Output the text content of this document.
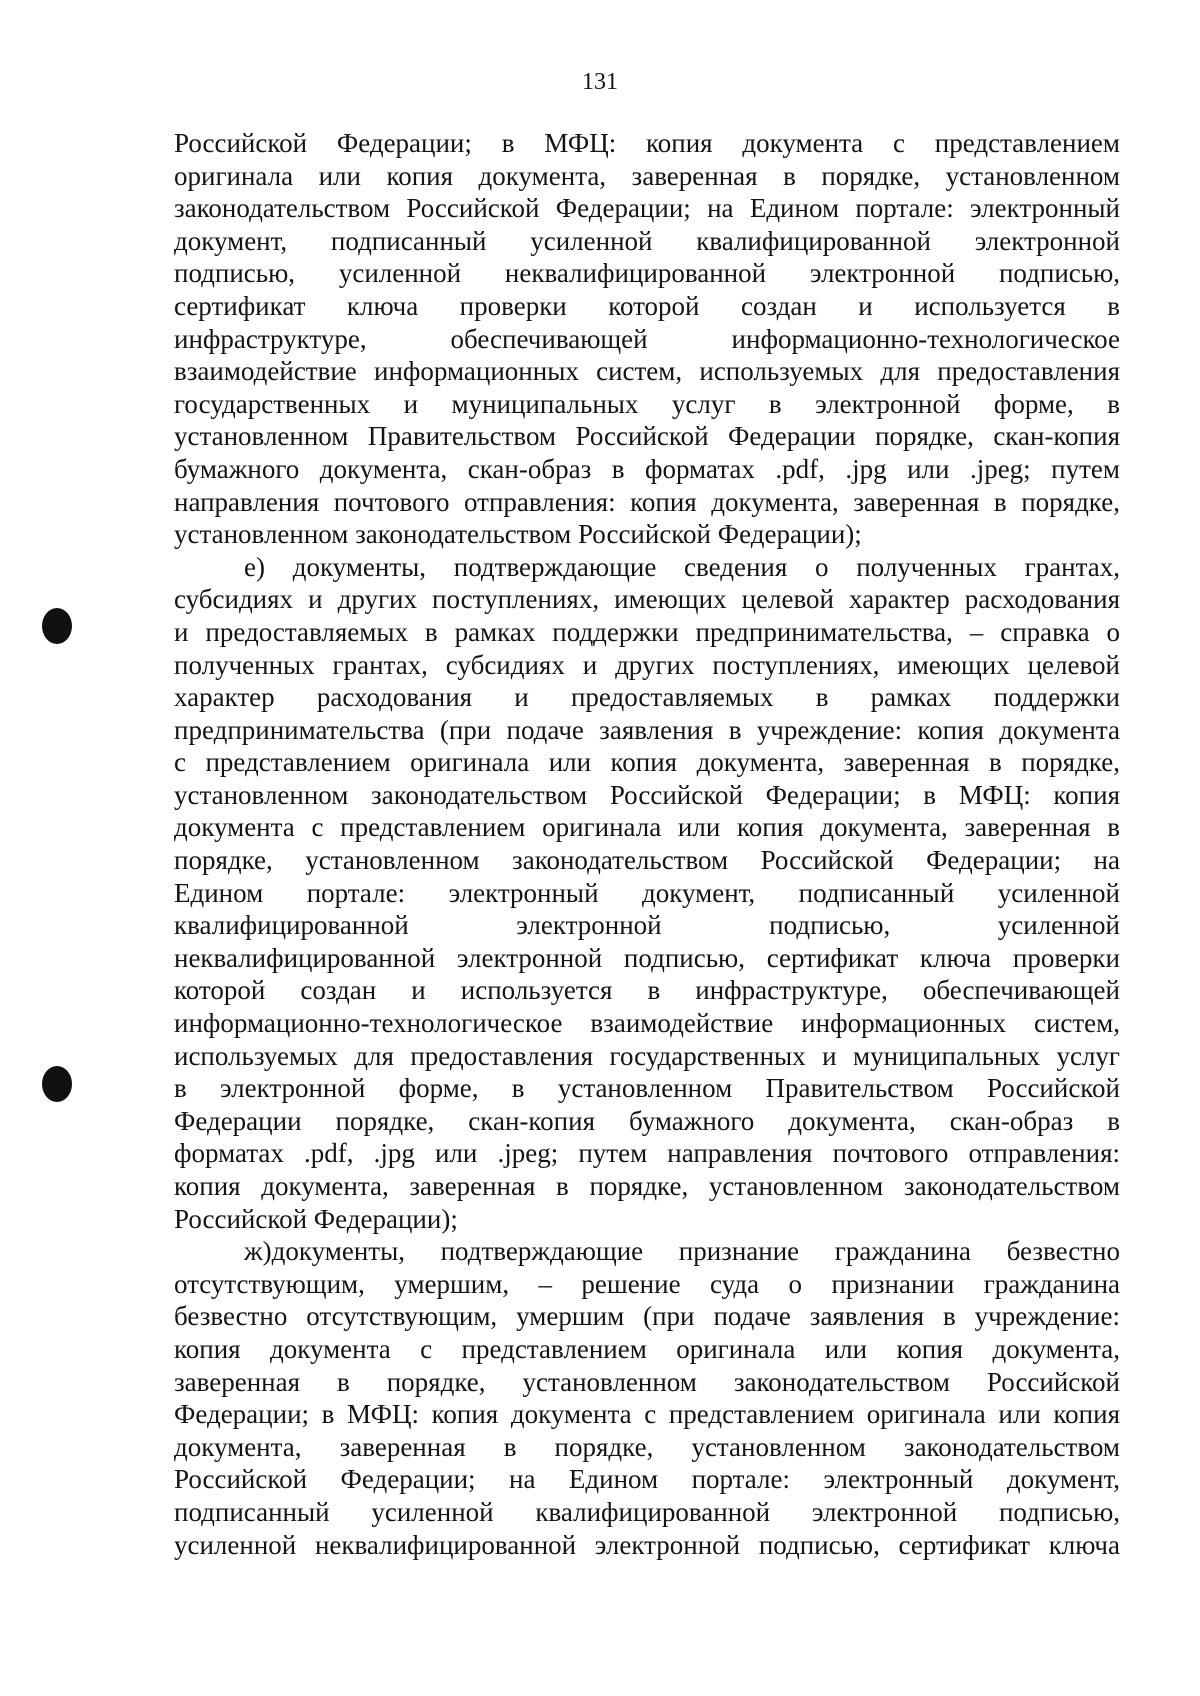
131

Российской Федерации; в МФЦ: копия документа с представлением

оригинала или копия документа, заверенная в порядке, установленном

законодательством Российской Федерации; на Едином портале: электронный

документ, подписанный усиленной квалифицированной электронной

подписью, усиленной неквалифицированной электронной подписью,

сертификат ключа проверки которой создан и используется в

инфраструктуре, обеспечивающей информационно-технологическое

взаимодействие информационных систем, используемых для предоставления

государственных и муниципальных услуг в электронной форме, в

установленном Правительством Российской Федерации порядке, скан-копия

бумажного документа, скан-образ в форматах .pdf, .jpg или .jpeg; путем

направления почтового отправления: копия документа, заверенная в порядке,

установленном законодательством Российской Федерации);

е) документы, подтверждающие сведения о полученных грантах,

субсидиях и других поступлениях, имеющих целевой характер расходования

и предоставляемых в рамках поддержки предпринимательства, – справка о

полученных грантах, субсидиях и других поступлениях, имеющих целевой

характер расходования и предоставляемых в рамках поддержки

предпринимательства (при подаче заявления в учреждение: копия документа

с представлением оригинала или копия документа, заверенная в порядке,

установленном законодательством Российской Федерации; в МФЦ: копия

документа с представлением оригинала или копия документа, заверенная в

порядке, установленном законодательством Российской Федерации; на

Едином портале: электронный документ, подписанный усиленной

квалифицированной электронной подписью, усиленной

неквалифицированной электронной подписью, сертификат ключа проверки

которой создан и используется в инфраструктуре, обеспечивающей

информационно-технологическое взаимодействие информационных систем,

используемых для предоставления государственных и муниципальных услуг

в электронной форме, в установленном Правительством Российской

Федерации порядке, скан-копия бумажного документа, скан-образ в

форматах .pdf, .jpg или .jpeg; путем направления почтового отправления:

копия документа, заверенная в порядке, установленном законодательством

Российской Федерации);

ж)документы, подтверждающие признание гражданина безвестно

отсутствующим, умершим, – решение суда о признании гражданина

безвестно отсутствующим, умершим (при подаче заявления в учреждение:

копия документа с представлением оригинала или копия документа,

заверенная в порядке, установленном законодательством Российской

Федерации; в МФЦ: копия документа с представлением оригинала или копия

документа, заверенная в порядке, установленном законодательством

Российской Федерации; на Едином портале: электронный документ,

подписанный усиленной квалифицированной электронной подписью,

усиленной неквалифицированной электронной подписью, сертификат ключа
